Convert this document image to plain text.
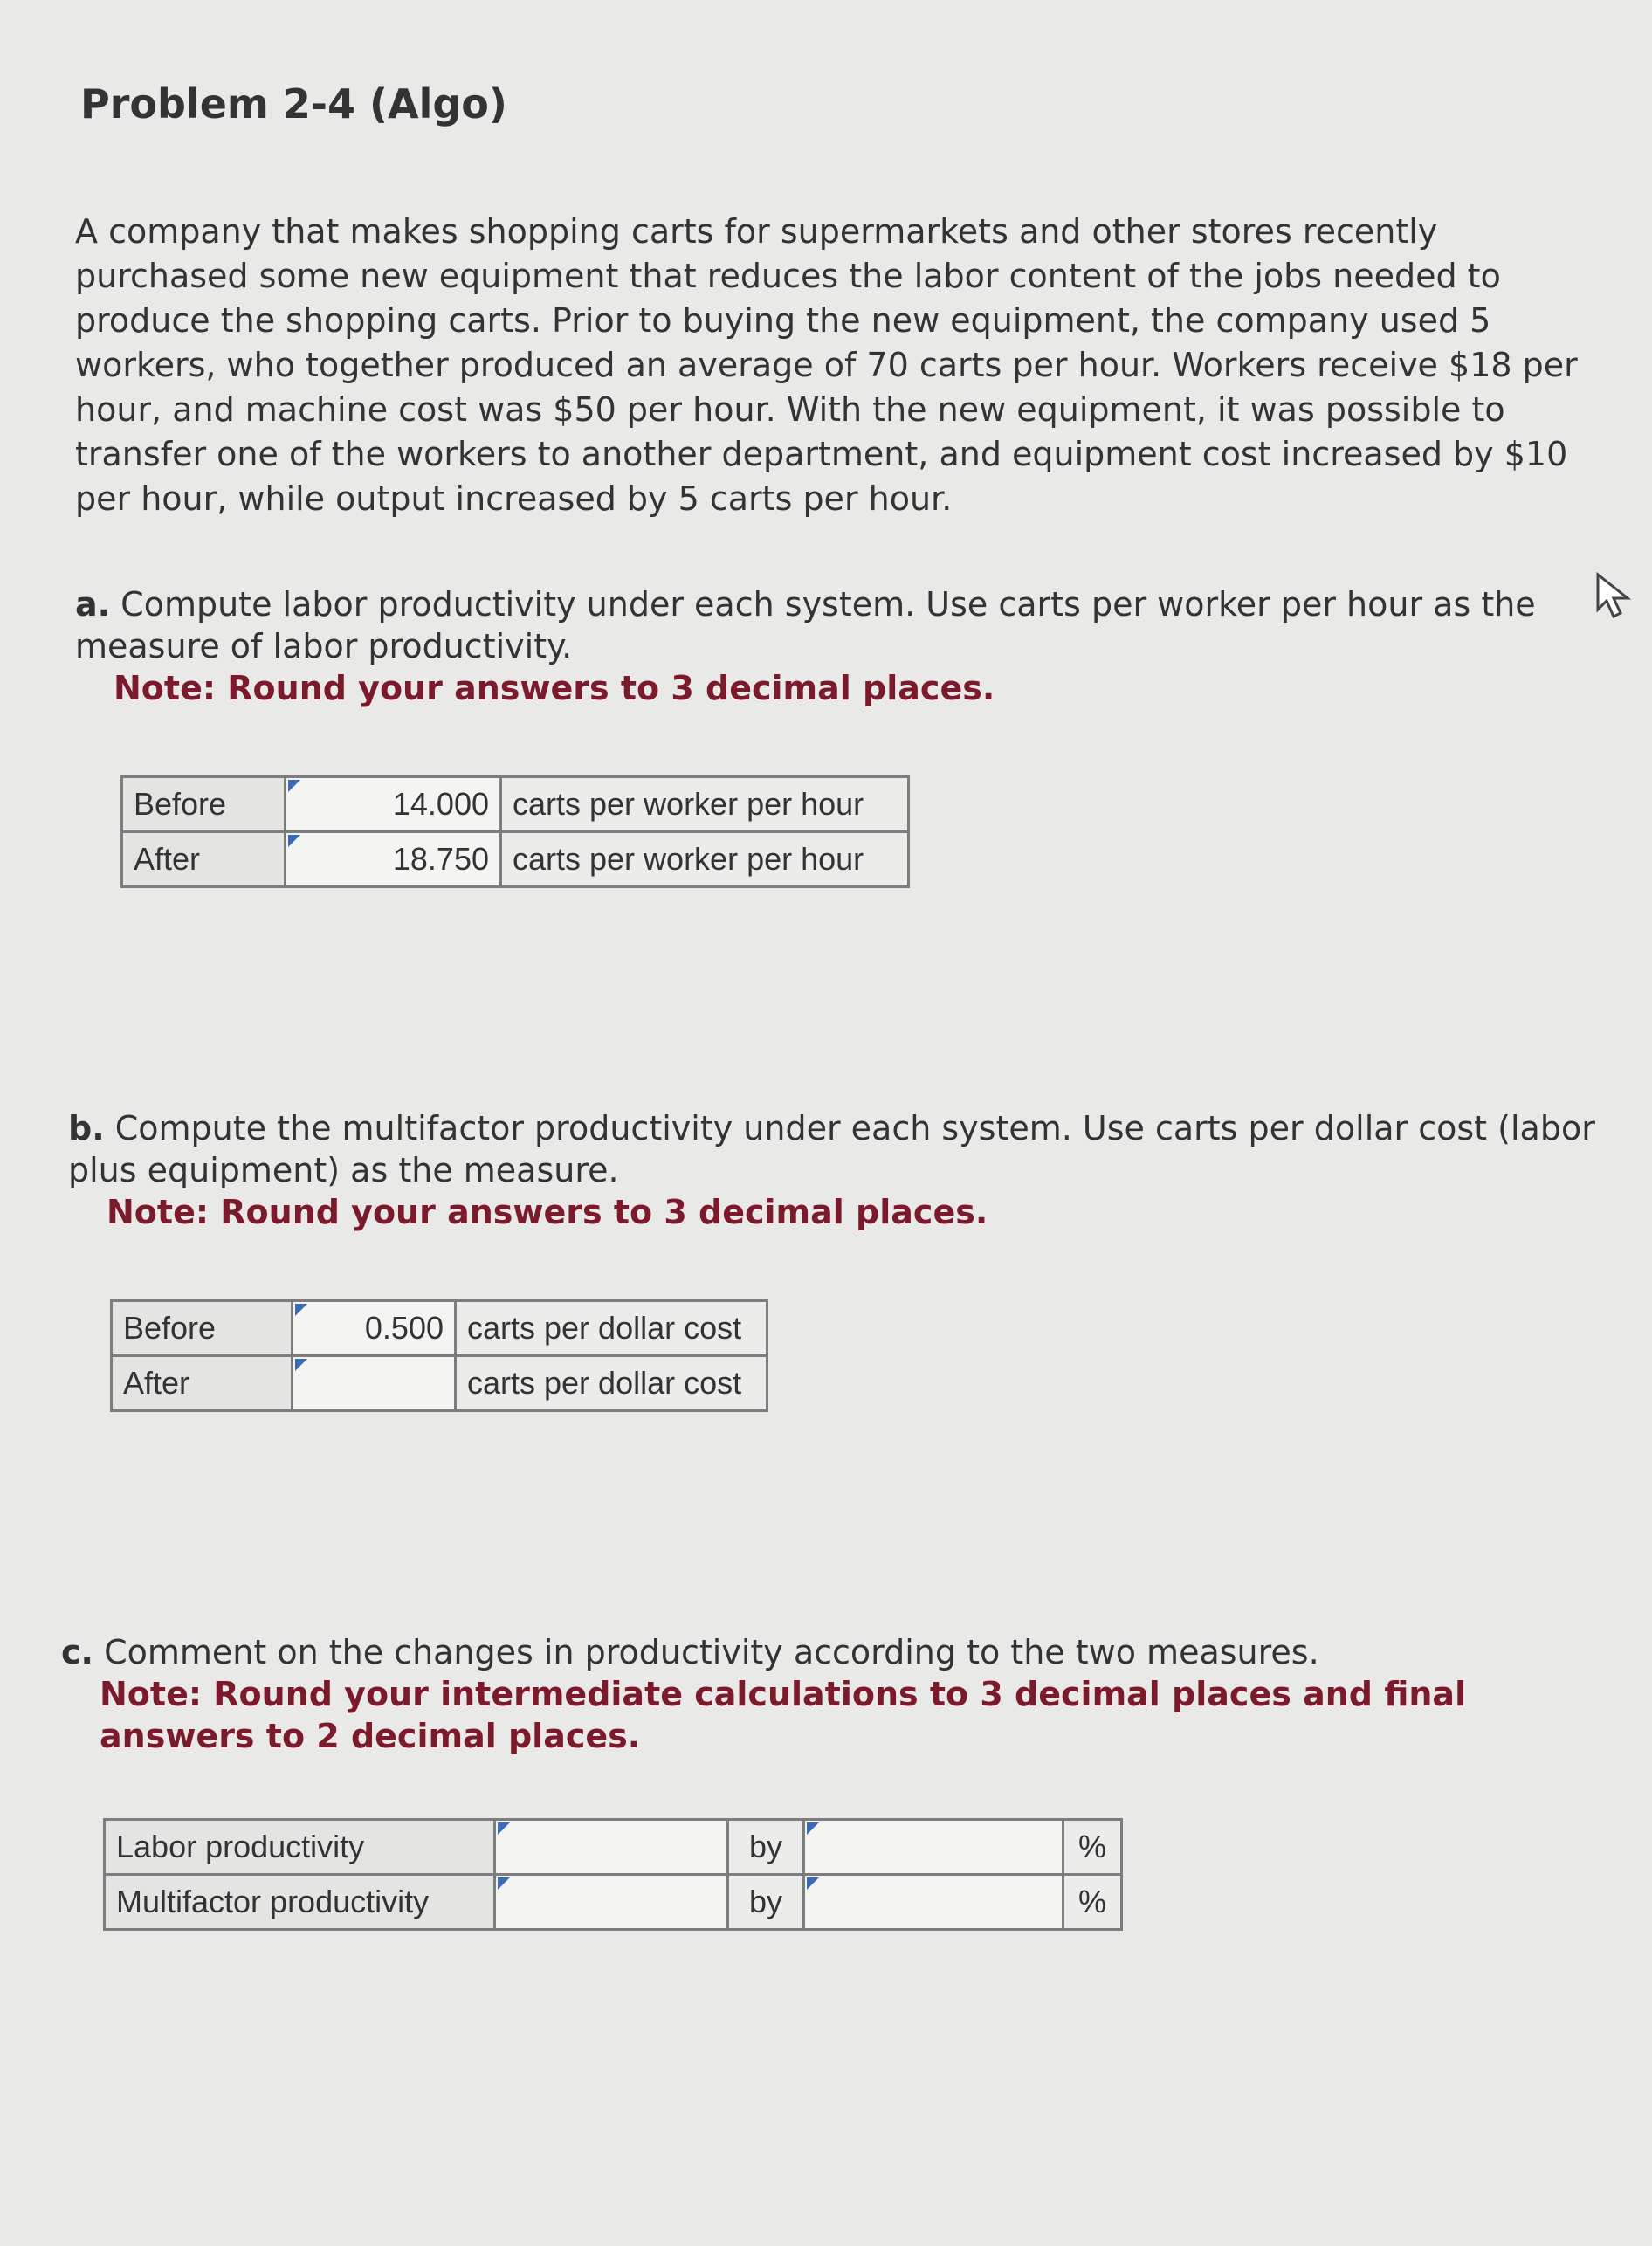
Problem 2-4 (Algo)
A company that makes shopping carts for supermarkets and other stores recently purchased some new equipment that reduces the labor content of the jobs needed to produce the shopping carts. Prior to buying the new equipment, the company used 5 workers, who together produced an average of 70 carts per hour. Workers receive $18 per hour, and machine cost was $50 per hour. With the new equipment, it was possible to transfer one of the workers to another department, and equipment cost increased by $10 per hour, while output increased by 5 carts per hour.
a. Compute labor productivity under each system. Use carts per worker per hour as the measure of labor productivity.
Note: Round your answers to 3 decimal places.
Before	14.000	carts per worker per hour
After	18.750	carts per worker per hour
b. Compute the multifactor productivity under each system. Use carts per dollar cost (labor plus equipment) as the measure.
Note: Round your answers to 3 decimal places.
Before	0.500	carts per dollar cost
After		carts per dollar cost
c. Comment on the changes in productivity according to the two measures.
Note: Round your intermediate calculations to 3 decimal places and final answers to 2 decimal places.
Labor productivity		by		%
Multifactor productivity		by		%
